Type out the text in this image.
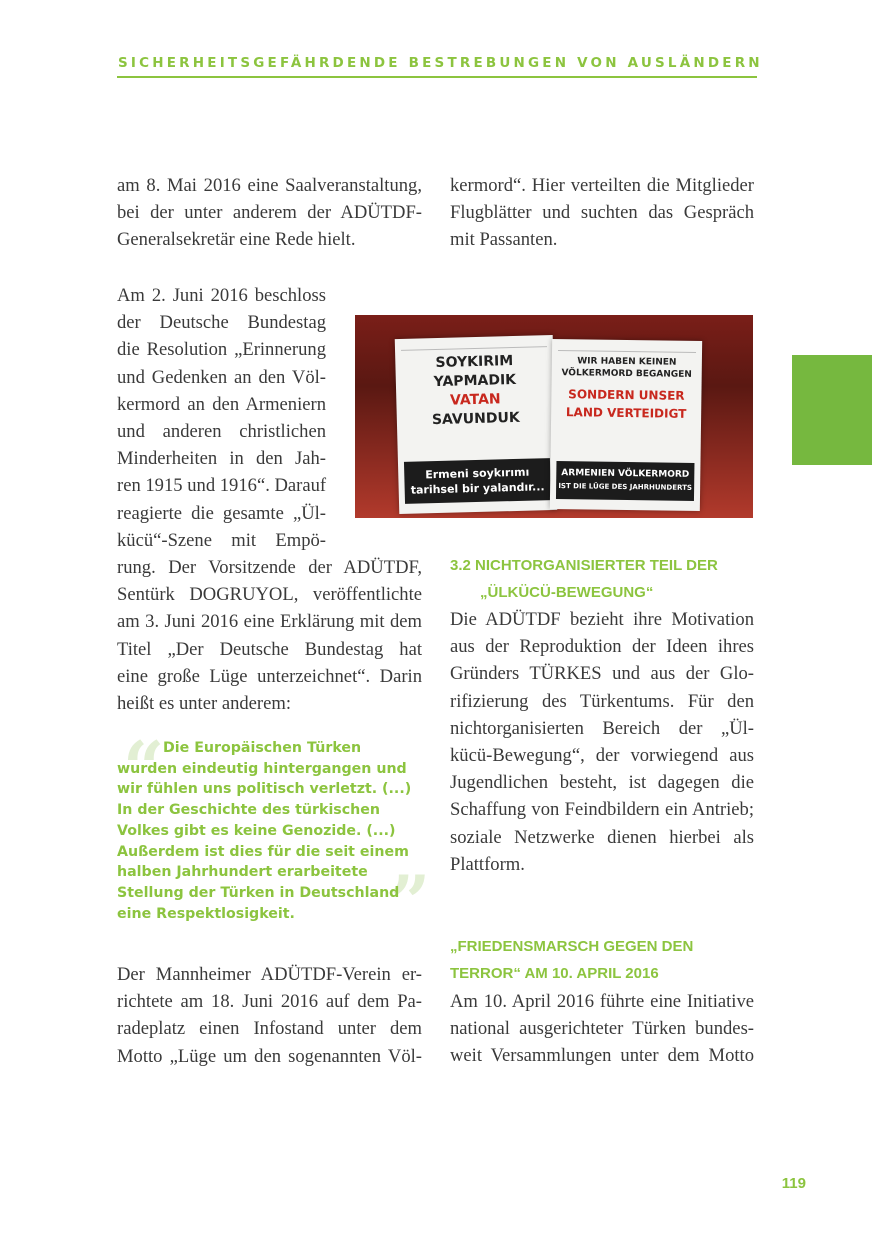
SICHERHEITSGEFÄHRDENDE BESTREBUNGEN VON AUSLÄNDERN
am 8. Mai 2016 eine Saalveranstaltung,
bei der unter anderem der ADÜTDF-
Generalsekretär eine Rede hielt.
kermord“. Hier verteilten die Mitglieder
Flugblätter und suchten das Gespräch
mit Passanten.
Am 2. Juni 2016 beschloss
der Deutsche Bundestag
die Resolution „Erinnerung
und Gedenken an den Völ-
kermord an den Armeniern
und anderen christlichen
Minderheiten in den Jah-
ren 1915 und 1916“. Darauf
reagierte die gesamte „Ül-
kücü“-Szene mit Empö-
rung. Der Vorsitzende der ADÜTDF,
Sentürk DOGRUYOL, veröffentlichte
am 3. Juni 2016 eine Erklärung mit dem
Titel „Der Deutsche Bundestag hat
eine große Lüge unterzeichnet“. Darin
heißt es unter anderem:
SOYKIRIM
YAPMADIK
VATAN
SAVUNDUK
Ermeni soykırımı
tarihsel bir yalandır...
WIR HABEN KEINEN
VÖLKERMORD BEGANGEN
SONDERN UNSER
LAND VERTEIDIGT
ARMENIEN VÖLKERMORD
IST DIE LÜGE DES JAHRHUNDERTS
3.2 NICHTORGANISIERTER TEIL DER
„ÜLKÜCÜ-BEWEGUNG“
Die ADÜTDF bezieht ihre Motivation
aus der Reproduktion der Ideen ihres
Gründers TÜRKES und aus der Glo-
rifizierung des Türkentums. Für den
nichtorganisierten Bereich der „Ül-
kücü-Bewegung“, der vorwiegend aus
Jugendlichen besteht, ist dagegen die
Schaffung von Feindbildern ein Antrieb;
soziale Netzwerke dienen hierbei als
Plattform.
“
”
Die Europäischen Türken
wurden eindeutig hintergangen und
wir fühlen uns politisch verletzt. (...)
In der Geschichte des türkischen
Volkes gibt es keine Genozide. (...)
Außerdem ist dies für die seit einem
halben Jahrhundert erarbeitete
Stellung der Türken in Deutschland
eine Respektlosigkeit.
„FRIEDENSMARSCH GEGEN DEN
TERROR“ AM 10. APRIL 2016
Der Mannheimer ADÜTDF-Verein er-
richtete am 18. Juni 2016 auf dem Pa-
radeplatz einen Infostand unter dem
Motto „Lüge um den sogenannten Völ-
Am 10. April 2016 führte eine Initiative
national ausgerichteter Türken bundes-
weit Versammlungen unter dem Motto
119
